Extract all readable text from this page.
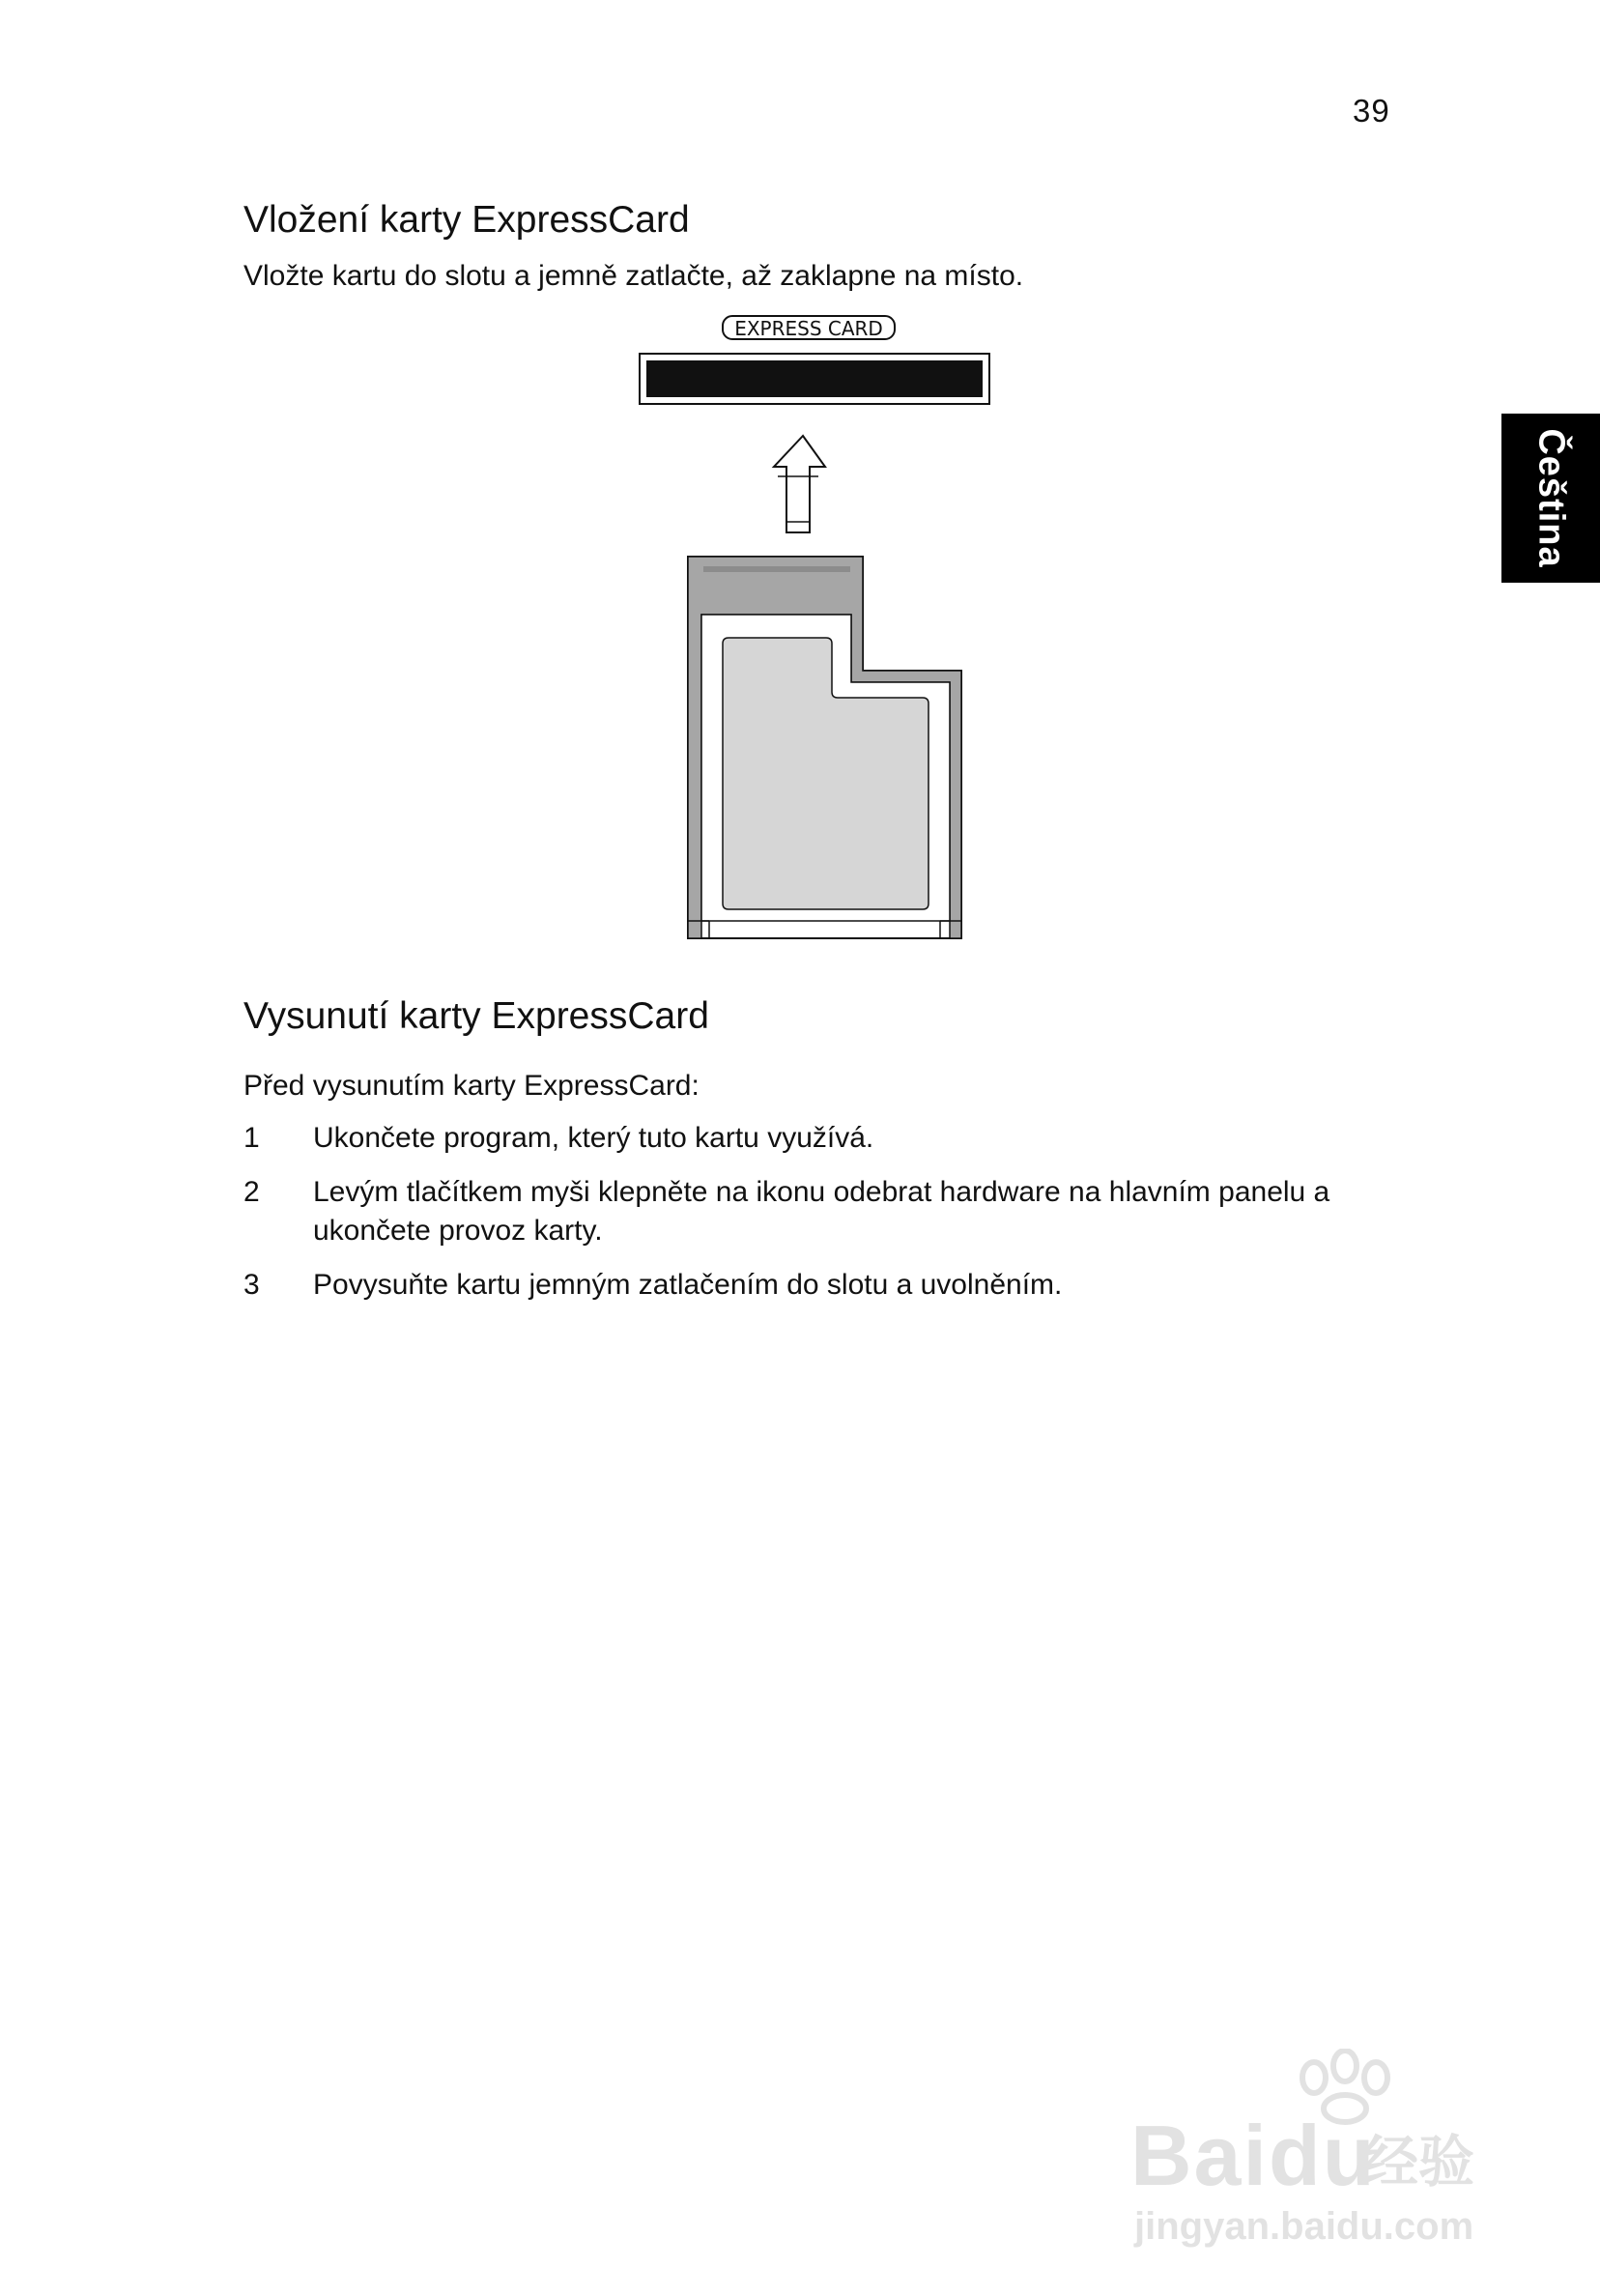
39
Čeština
Vložení karty ExpressCard

Vložte kartu do slotu a jemně zatlačte, až zaklapne na místo.

EXPRESS CARD
Vysunutí karty ExpressCard

Před vysunutím karty ExpressCard:

1	Ukončete program, který tuto kartu využívá.
2	Levým tlačítkem myši klepněte na ikonu odebrat hardware na hlavním panelu a ukončete provoz karty.
3	Povysuňte kartu jemným zatlačením do slotu a uvolněním.
Baidu
经验
jingyan.baidu.com
